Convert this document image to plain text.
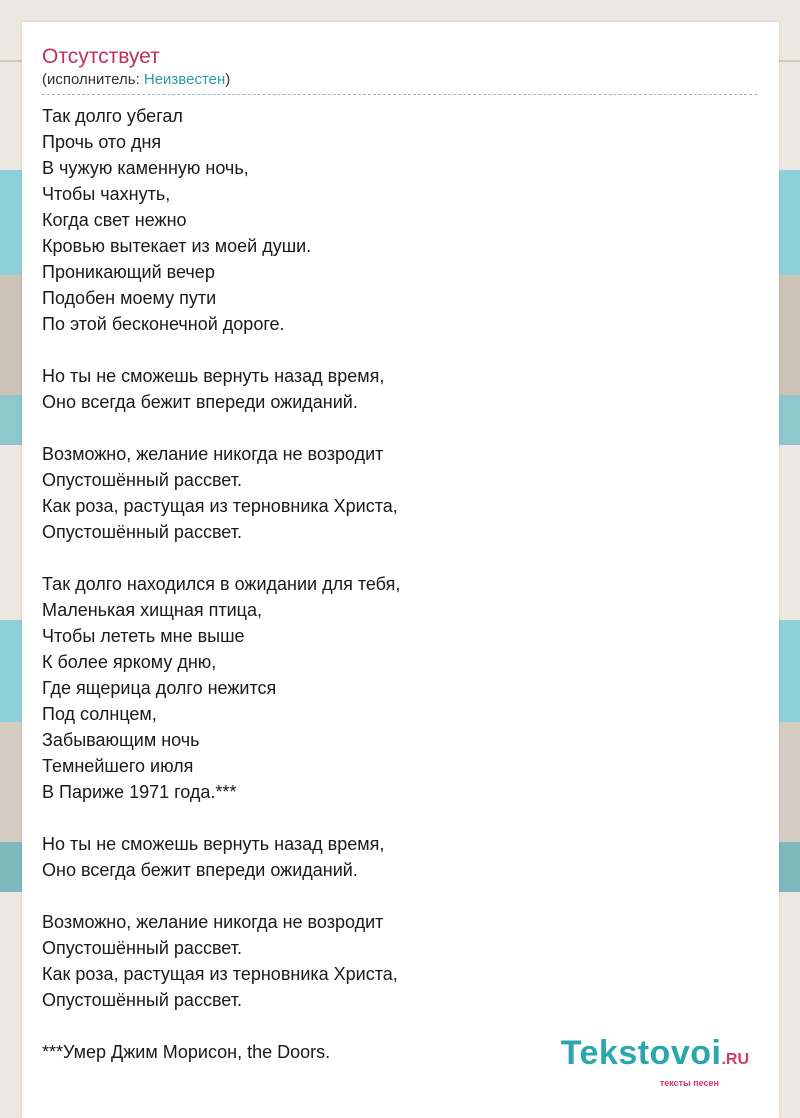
Отсутствует
(исполнитель: Неизвестен)
Так долго убегал
Прочь ото дня
В чужую каменную ночь,
Чтобы чахнуть,
Когда свет нежно
Кровью вытекает из моей души.
Проникающий вечер
Подобен моему пути
По этой бесконечной дороге.
Но ты не сможешь вернуть назад время,
Оно всегда бежит впереди ожиданий.
Возможно, желание никогда не возродит
Опустошённый рассвет.
Как роза, растущая из терновника Христа,
Опустошённый рассвет.
Так долго находился в ожидании для тебя,
Маленькая хищная птица,
Чтобы лететь мне выше
К более яркому дню,
Где ящерица долго нежится
Под солнцем,
Забывающим ночь
Темнейшего июля
В Париже 1971 года.***
Но ты не сможешь вернуть назад время,
Оно всегда бежит впереди ожиданий.
Возможно, желание никогда не возродит
Опустошённый рассвет.
Как роза, растущая из терновника Христа,
Опустошённый рассвет.
***Умер Джим Морисон, the Doors.	Tekstovoi.RU
тексты песен
